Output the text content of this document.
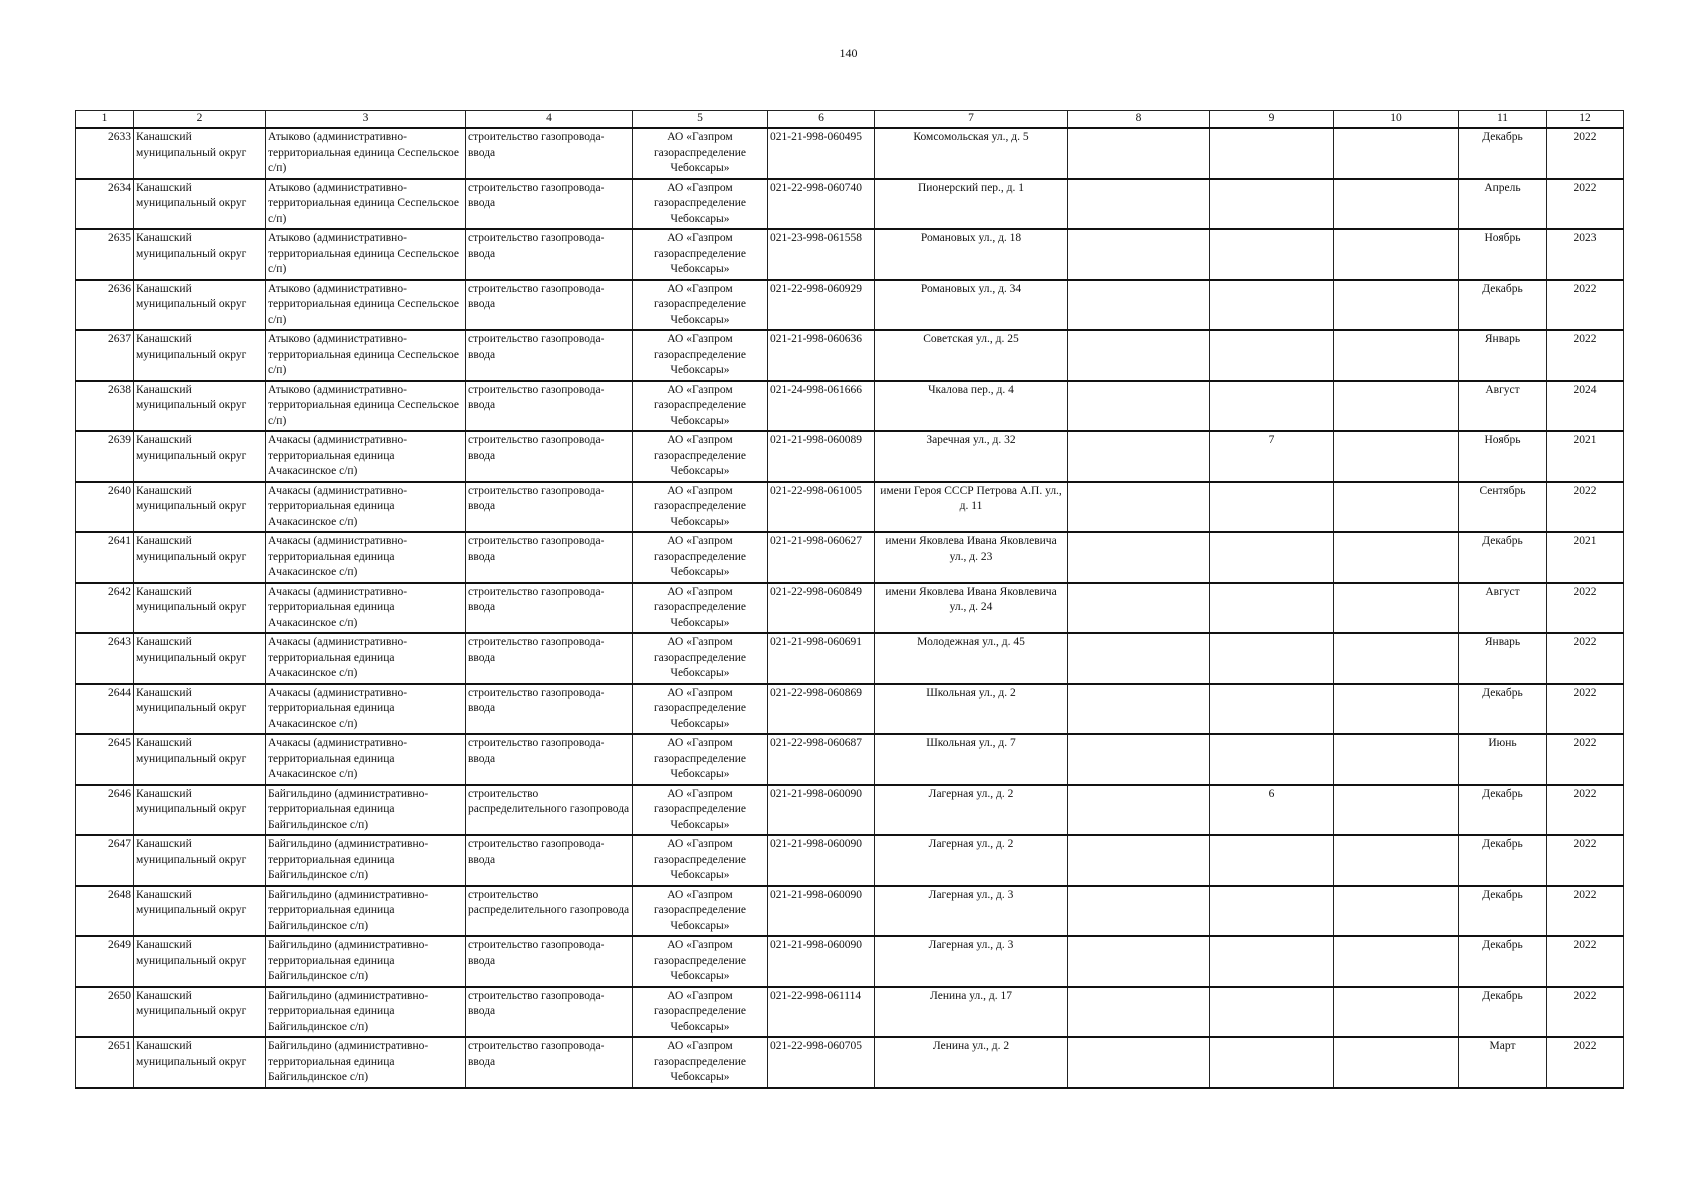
140
1	2	3	4	5	6	7	8	9	10	11	12
2633	Канашский муниципальный округ	Атыково (административно-территориальная единица Сеспельское с/п)	строительство газопровода-ввода	АО «Газпром газораспределение Чебоксары»	021-21-998-060495	Комсомольская ул., д. 5				Декабрь	2022
2634	Канашский муниципальный округ	Атыково (административно-территориальная единица Сеспельское с/п)	строительство газопровода-ввода	АО «Газпром газораспределение Чебоксары»	021-22-998-060740	Пионерский пер., д. 1				Апрель	2022
2635	Канашский муниципальный округ	Атыково (административно-территориальная единица Сеспельское с/п)	строительство газопровода-ввода	АО «Газпром газораспределение Чебоксары»	021-23-998-061558	Романовых ул., д. 18				Ноябрь	2023
2636	Канашский муниципальный округ	Атыково (административно-территориальная единица Сеспельское с/п)	строительство газопровода-ввода	АО «Газпром газораспределение Чебоксары»	021-22-998-060929	Романовых ул., д. 34				Декабрь	2022
2637	Канашский муниципальный округ	Атыково (административно-территориальная единица Сеспельское с/п)	строительство газопровода-ввода	АО «Газпром газораспределение Чебоксары»	021-21-998-060636	Советская ул., д. 25				Январь	2022
2638	Канашский муниципальный округ	Атыково (административно-территориальная единица Сеспельское с/п)	строительство газопровода-ввода	АО «Газпром газораспределение Чебоксары»	021-24-998-061666	Чкалова пер., д. 4				Август	2024
2639	Канашский муниципальный округ	Ачакасы (административно-территориальная единица Ачакасинское с/п)	строительство газопровода-ввода	АО «Газпром газораспределение Чебоксары»	021-21-998-060089	Заречная ул., д. 32		7		Ноябрь	2021
2640	Канашский муниципальный округ	Ачакасы (административно-территориальная единица Ачакасинское с/п)	строительство газопровода-ввода	АО «Газпром газораспределение Чебоксары»	021-22-998-061005	имени Героя СССР Петрова А.П. ул., д. 11				Сентябрь	2022
2641	Канашский муниципальный округ	Ачакасы (административно-территориальная единица Ачакасинское с/п)	строительство газопровода-ввода	АО «Газпром газораспределение Чебоксары»	021-21-998-060627	имени Яковлева Ивана Яковлевича ул., д. 23				Декабрь	2021
2642	Канашский муниципальный округ	Ачакасы (административно-территориальная единица Ачакасинское с/п)	строительство газопровода-ввода	АО «Газпром газораспределение Чебоксары»	021-22-998-060849	имени Яковлева Ивана Яковлевича ул., д. 24				Август	2022
2643	Канашский муниципальный округ	Ачакасы (административно-территориальная единица Ачакасинское с/п)	строительство газопровода-ввода	АО «Газпром газораспределение Чебоксары»	021-21-998-060691	Молодежная ул., д. 45				Январь	2022
2644	Канашский муниципальный округ	Ачакасы (административно-территориальная единица Ачакасинское с/п)	строительство газопровода-ввода	АО «Газпром газораспределение Чебоксары»	021-22-998-060869	Школьная ул., д. 2				Декабрь	2022
2645	Канашский муниципальный округ	Ачакасы (административно-территориальная единица Ачакасинское с/п)	строительство газопровода-ввода	АО «Газпром газораспределение Чебоксары»	021-22-998-060687	Школьная ул., д. 7				Июнь	2022
2646	Канашский муниципальный округ	Байгильдино (административно-территориальная единица Байгильдинское с/п)	строительство распределительного газопровода	АО «Газпром газораспределение Чебоксары»	021-21-998-060090	Лагерная ул., д. 2		6		Декабрь	2022
2647	Канашский муниципальный округ	Байгильдино (административно-территориальная единица Байгильдинское с/п)	строительство газопровода-ввода	АО «Газпром газораспределение Чебоксары»	021-21-998-060090	Лагерная ул., д. 2				Декабрь	2022
2648	Канашский муниципальный округ	Байгильдино (административно-территориальная единица Байгильдинское с/п)	строительство распределительного газопровода	АО «Газпром газораспределение Чебоксары»	021-21-998-060090	Лагерная ул., д. 3				Декабрь	2022
2649	Канашский муниципальный округ	Байгильдино (административно-территориальная единица Байгильдинское с/п)	строительство газопровода-ввода	АО «Газпром газораспределение Чебоксары»	021-21-998-060090	Лагерная ул., д. 3				Декабрь	2022
2650	Канашский муниципальный округ	Байгильдино (административно-территориальная единица Байгильдинское с/п)	строительство газопровода-ввода	АО «Газпром газораспределение Чебоксары»	021-22-998-061114	Ленина ул., д. 17				Декабрь	2022
2651	Канашский муниципальный округ	Байгильдино (административно-территориальная единица Байгильдинское с/п)	строительство газопровода-ввода	АО «Газпром газораспределение Чебоксары»	021-22-998-060705	Ленина ул., д. 2				Март	2022
